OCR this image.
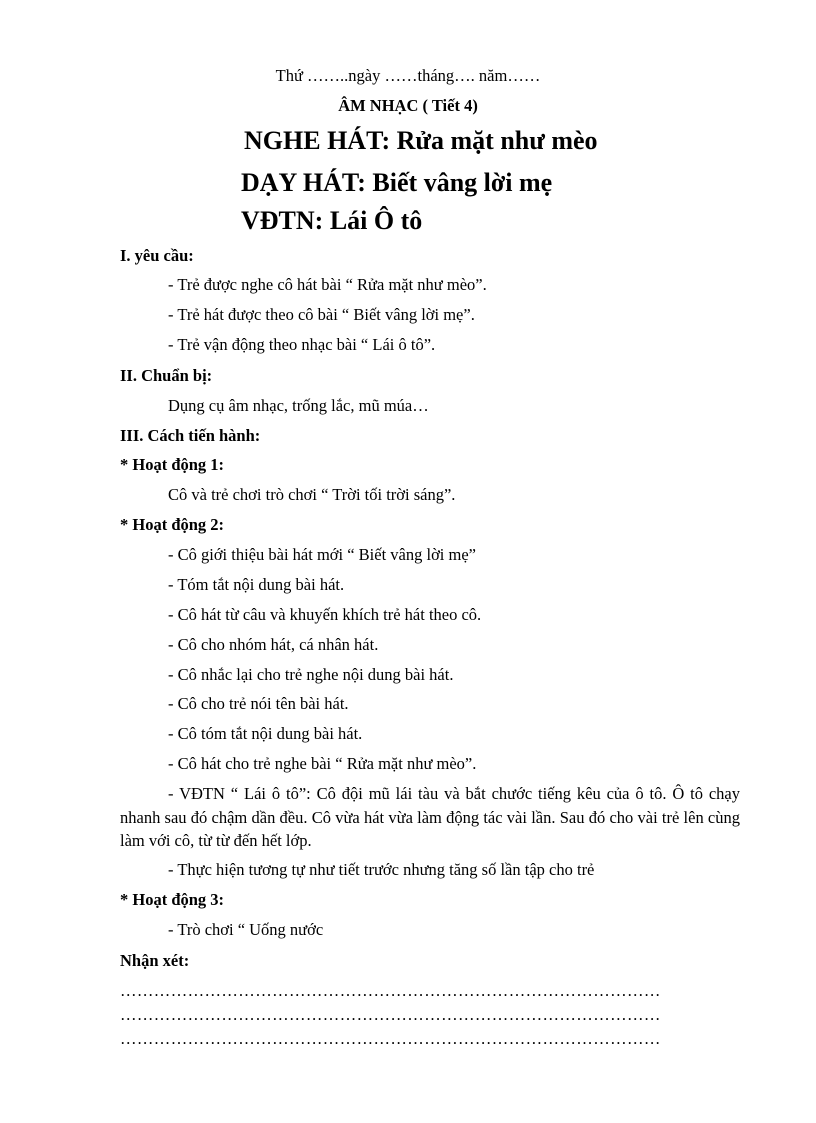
Thứ ……..ngày ……tháng…. năm……
ÂM NHẠC ( Tiết 4)
NGHE HÁT: Rửa mặt như mèo
DẠY HÁT: Biết vâng lời mẹ
VĐTN: Lái Ô tô
I. yêu cầu:
- Trẻ được nghe cô hát bài “ Rửa mặt như mèo”.
- Trẻ hát được theo cô bài “ Biết vâng lời mẹ”.
- Trẻ vận động theo nhạc bài “ Lái ô tô”.
II. Chuẩn bị:
Dụng cụ âm nhạc, trống lắc, mũ múa…
III. Cách tiến hành:
* Hoạt động 1:
Cô và trẻ chơi trò chơi “ Trời tối trời sáng”.
* Hoạt động 2:
- Cô giới thiệu bài hát mới “ Biết vâng lời mẹ”
- Tóm tắt nội dung bài hát.
- Cô hát từ câu và khuyến khích trẻ hát theo cô.
- Cô cho nhóm hát, cá nhân hát.
- Cô nhắc lại cho trẻ nghe nội dung bài hát.
- Cô cho trẻ nói tên bài hát.
- Cô tóm tắt nội dung bài hát.
- Cô hát cho trẻ nghe bài “ Rửa mặt như mèo”.
- VĐTN “ Lái ô tô”: Cô đội mũ lái tàu và bắt chước tiếng kêu của ô tô. Ô tô chạy nhanh sau đó chậm dần đều. Cô vừa hát vừa làm động tác vài lần. Sau đó cho vài trẻ lên cùng làm với cô, từ từ đến hết lớp.
- Thực hiện tương tự như tiết trước nhưng tăng số lần tập cho trẻ
* Hoạt động 3:
- Trò chơi “ Uống nước
Nhận xét:
……………………………………………………………………………………
……………………………………………………………………………………
……………………………………………………………………………………
